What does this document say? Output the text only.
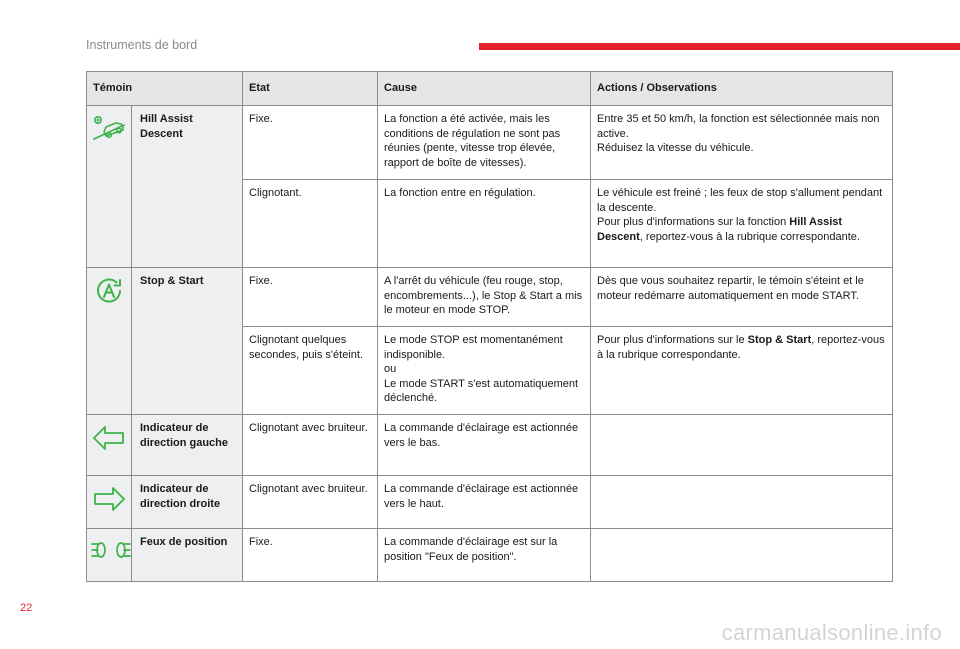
Instruments de bord
Témoin		Etat	Cause	Actions / Observations

	Hill Assist Descent	Fixe.	La fonction a été activée, mais les conditions de régulation ne sont pas réunies (pente, vitesse trop élevée, rapport de boîte de vitesses).	Entre 35 et 50 km/h, la fonction est sélectionnée mais non active.
Réduisez la vitesse du véhicule.
		Clignotant.	La fonction entre en régulation.	Le véhicule est freiné ; les feux de stop s'allument pendant la descente.
Pour plus d'informations sur la fonction Hill Assist Descent, reportez-vous à la rubrique correspondante.

	Stop & Start	Fixe.	A l'arrêt du véhicule (feu rouge, stop, encombrements...), le Stop & Start a mis le moteur en mode STOP.	Dès que vous souhaitez repartir, le témoin s'éteint et le moteur redémarre automatiquement en mode START.
		Clignotant quelques secondes, puis s'éteint.	Le mode STOP est momentanément indisponible.
ou
Le mode START s'est automatiquement déclenché.	Pour plus d'informations sur le Stop & Start, reportez-vous à la rubrique correspondante.

	Indicateur de direction gauche	Clignotant avec bruiteur.	La commande d'éclairage est actionnée vers le bas.	

	Indicateur de direction droite	Clignotant avec bruiteur.	La commande d'éclairage est actionnée vers le haut.	

	Feux de position	Fixe.	La commande d'éclairage est sur la position "Feux de position".	
22
carmanualsonline.info
